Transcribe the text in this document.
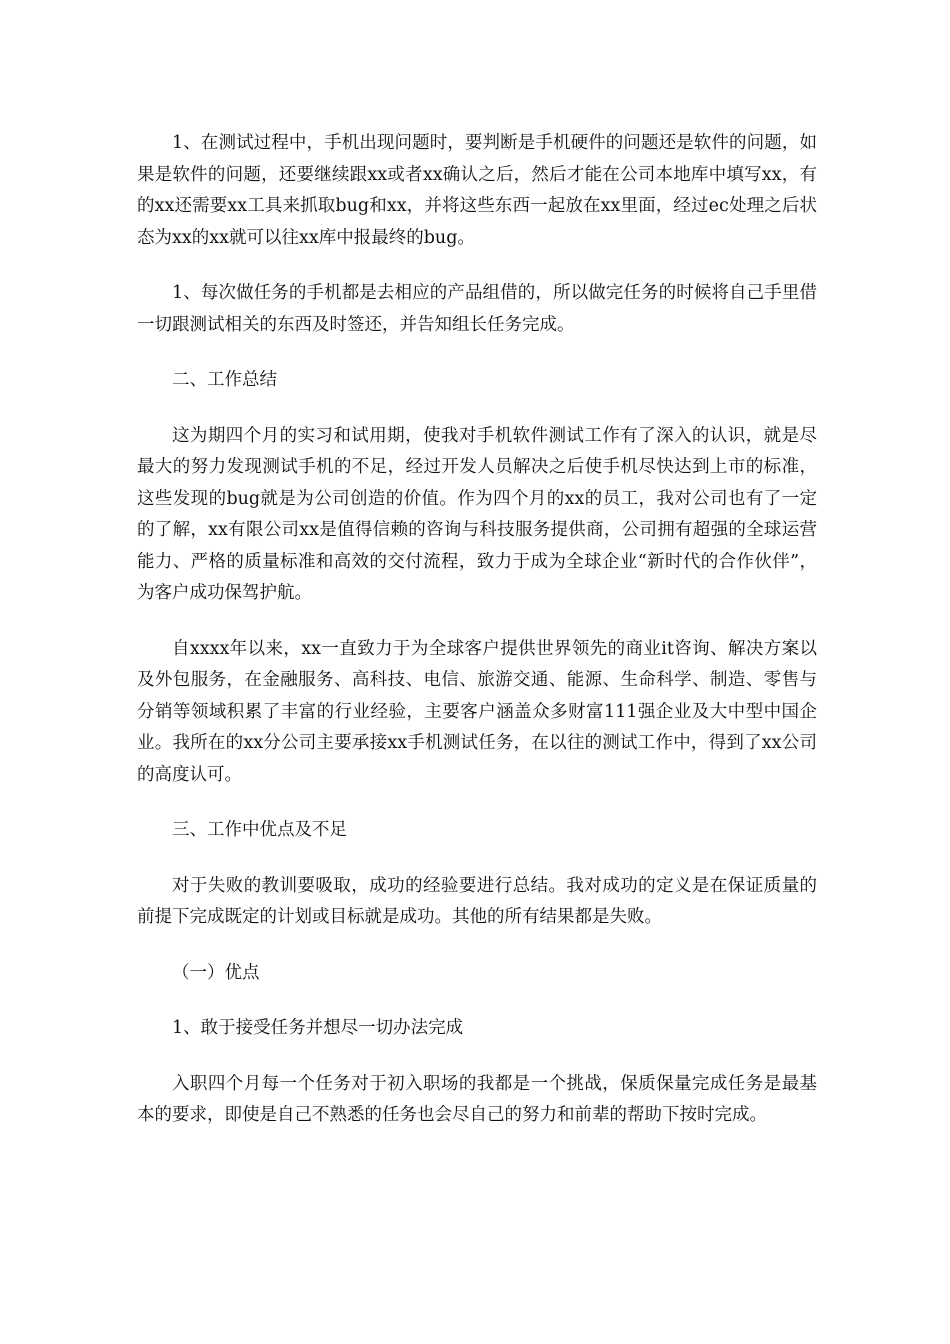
1、在测试过程中，手机出现问题时，要判断是手机硬件的问题还是软件的问题，如果是软件的问题，还要继续跟xx或者xx确认之后，然后才能在公司本地库中填写xx，有的xx还需要xx工具来抓取bug和xx，并将这些东西一起放在xx里面，经过ec处理之后状态为xx的xx就可以往xx库中报最终的bug。

1、每次做任务的手机都是去相应的产品组借的，所以做完任务的时候将自己手里借一切跟测试相关的东西及时签还，并告知组长任务完成。

二、工作总结

这为期四个月的实习和试用期，使我对手机软件测试工作有了深入的认识，就是尽最大的努力发现测试手机的不足，经过开发人员解决之后使手机尽快达到上市的标准，这些发现的bug就是为公司创造的价值。作为四个月的xx的员工，我对公司也有了一定的了解，xx有限公司xx是值得信赖的咨询与科技服务提供商，公司拥有超强的全球运营能力、严格的质量标准和高效的交付流程，致力于成为全球企业“新时代的合作伙伴”，为客户成功保驾护航。

自xxxx年以来，xx一直致力于为全球客户提供世界领先的商业it咨询、解决方案以及外包服务，在金融服务、高科技、电信、旅游交通、能源、生命科学、制造、零售与分销等领域积累了丰富的行业经验，主要客户涵盖众多财富111强企业及大中型中国企业。我所在的xx分公司主要承接xx手机测试任务，在以往的测试工作中，得到了xx公司的高度认可。

三、工作中优点及不足

对于失败的教训要吸取，成功的经验要进行总结。我对成功的定义是在保证质量的前提下完成既定的计划或目标就是成功。其他的所有结果都是失败。

（一）优点

1、敢于接受任务并想尽一切办法完成

入职四个月每一个任务对于初入职场的我都是一个挑战，保质保量完成任务是最基本的要求，即使是自己不熟悉的任务也会尽自己的努力和前辈的帮助下按时完成。
